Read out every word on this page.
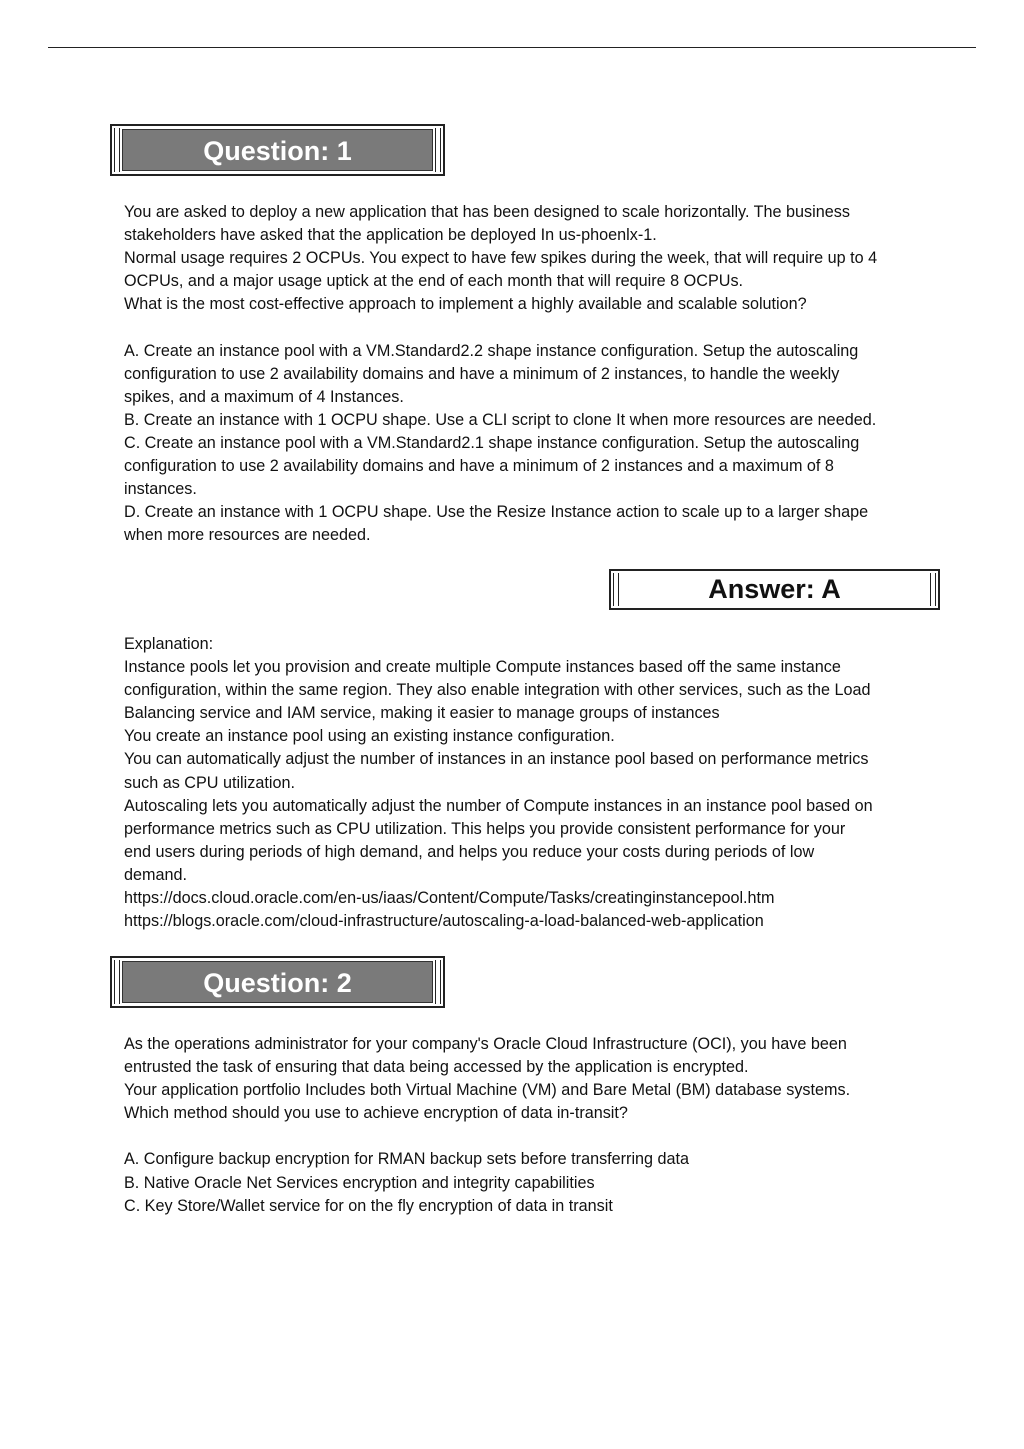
Question: 1

You are asked to deploy a new application that has been designed to scale horizontally. The business

stakeholders have asked that the application be deployed In us-phoenlx-1.

Normal usage requires 2 OCPUs. You expect to have few spikes during the week, that will require up to 4

OCPUs, and a major usage uptick at the end of each month that will require 8 OCPUs.

What is the most cost-effective approach to implement a highly available and scalable solution?

A. Create an instance pool with a VM.Standard2.2 shape instance configuration. Setup the autoscaling

configuration to use 2 availability domains and have a minimum of 2 instances, to handle the weekly

spikes, and a maximum of 4 Instances.

B. Create an instance with 1 OCPU shape. Use a CLI script to clone It when more resources are needed.

C. Create an instance pool with a VM.Standard2.1 shape instance configuration. Setup the autoscaling

configuration to use 2 availability domains and have a minimum of 2 instances and a maximum of 8

instances.

D. Create an instance with 1 OCPU shape. Use the Resize Instance action to scale up to a larger shape

when more resources are needed.

Answer: A

Explanation:

Instance pools let you provision and create multiple Compute instances based off the same instance

configuration, within the same region. They also enable integration with other services, such as the Load

Balancing service and IAM service, making it easier to manage groups of instances

You create an instance pool using an existing instance configuration.

You can automatically adjust the number of instances in an instance pool based on performance metrics

such as CPU utilization.

Autoscaling lets you automatically adjust the number of Compute instances in an instance pool based on

performance metrics such as CPU utilization. This helps you provide consistent performance for your

end users during periods of high demand, and helps you reduce your costs during periods of low

demand.

https://docs.cloud.oracle.com/en-us/iaas/Content/Compute/Tasks/creatinginstancepool.htm

https://blogs.oracle.com/cloud-infrastructure/autoscaling-a-load-balanced-web-application

Question: 2

As the operations administrator for your company's Oracle Cloud Infrastructure (OCI), you have been

entrusted the task of ensuring that data being accessed by the application is encrypted.

Your application portfolio Includes both Virtual Machine (VM) and Bare Metal (BM) database systems.

Which method should you use to achieve encryption of data in-transit?

A. Configure backup encryption for RMAN backup sets before transferring data

B. Native Oracle Net Services encryption and integrity capabilities

C. Key Store/Wallet service for on the fly encryption of data in transit
